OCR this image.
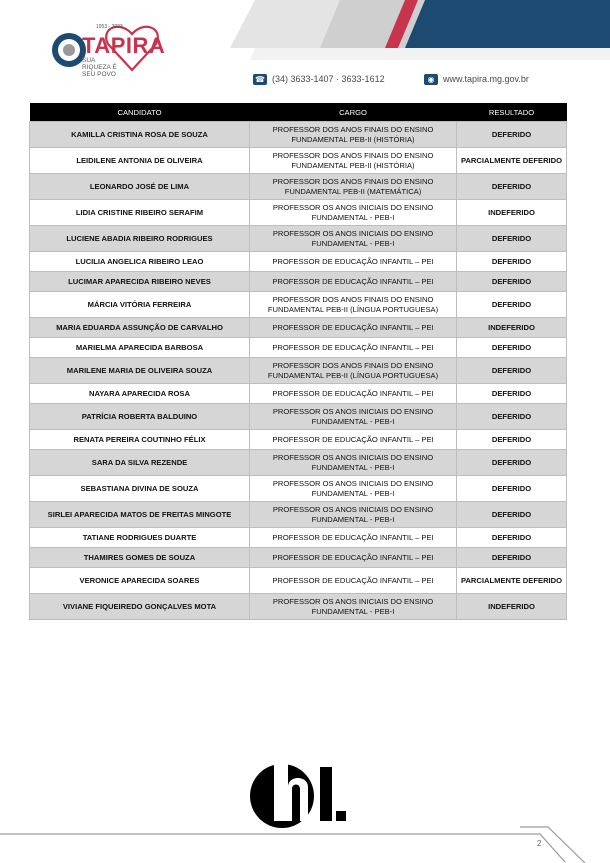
1953 - 2023
TAPIRA
SUA RIQUEZA É SEU POVO
☎ (34) 3633-1407 · 3633-1612	◉ www.tapira.mg.gov.br
CANDIDATO	CARGO	RESULTADO
KAMILLA CRISTINA ROSA DE SOUZA	PROFESSOR DOS ANOS FINAIS DO ENSINO FUNDAMENTAL PEB-II (HISTÓRIA)	DEFERIDO
LEIDILENE ANTONIA DE OLIVEIRA	PROFESSOR DOS ANOS FINAIS DO ENSINO FUNDAMENTAL PEB-II (HISTÓRIA)	PARCIALMENTE DEFERIDO
LEONARDO JOSÉ DE LIMA	PROFESSOR DOS ANOS FINAIS DO ENSINO FUNDAMENTAL PEB-II (MATEMÁTICA)	DEFERIDO
LIDIA CRISTINE RIBEIRO SERAFIM	PROFESSOR OS ANOS INICIAIS DO ENSINO FUNDAMENTAL - PEB-I	INDEFERIDO
LUCIENE ABADIA RIBEIRO RODRIGUES	PROFESSOR OS ANOS INICIAIS DO ENSINO FUNDAMENTAL - PEB-I	DEFERIDO
LUCILIA ANGELICA RIBEIRO LEAO	PROFESSOR DE EDUCAÇÃO INFANTIL – PEI	DEFERIDO
LUCIMAR APARECIDA RIBEIRO NEVES	PROFESSOR DE EDUCAÇÃO INFANTIL – PEI	DEFERIDO
MÁRCIA VITÓRIA FERREIRA	PROFESSOR DOS ANOS FINAIS DO ENSINO FUNDAMENTAL PEB-II (LÍNGUA PORTUGUESA)	DEFERIDO
MARIA EDUARDA ASSUNÇÃO DE CARVALHO	PROFESSOR DE EDUCAÇÃO INFANTIL – PEI	INDEFERIDO
MARIELMA APARECIDA BARBOSA	PROFESSOR DE EDUCAÇÃO INFANTIL – PEI	DEFERIDO
MARILENE MARIA DE OLIVEIRA SOUZA	PROFESSOR DOS ANOS FINAIS DO ENSINO FUNDAMENTAL PEB-II (LÍNGUA PORTUGUESA)	DEFERIDO
NAYARA APARECIDA ROSA	PROFESSOR DE EDUCAÇÃO INFANTIL – PEI	DEFERIDO
PATRÍCIA ROBERTA BALDUINO	PROFESSOR OS ANOS INICIAIS DO ENSINO FUNDAMENTAL - PEB-I	DEFERIDO
RENATA PEREIRA COUTINHO FÉLIX	PROFESSOR DE EDUCAÇÃO INFANTIL – PEI	DEFERIDO
SARA DA SILVA REZENDE	PROFESSOR OS ANOS INICIAIS DO ENSINO FUNDAMENTAL - PEB-I	DEFERIDO
SEBASTIANA DIVINA DE SOUZA	PROFESSOR OS ANOS INICIAIS DO ENSINO FUNDAMENTAL - PEB-I	DEFERIDO
SIRLEI APARECIDA MATOS DE FREITAS MINGOTE	PROFESSOR OS ANOS INICIAIS DO ENSINO FUNDAMENTAL - PEB-I	DEFERIDO
TATIANE RODRIGUES DUARTE	PROFESSOR DE EDUCAÇÃO INFANTIL – PEI	DEFERIDO
THAMIRES GOMES DE SOUZA	PROFESSOR DE EDUCAÇÃO INFANTIL – PEI	DEFERIDO
VERONICE APARECIDA SOARES	PROFESSOR DE EDUCAÇÃO INFANTIL – PEI	PARCIALMENTE DEFERIDO
VIVIANE FIQUEIREDO GONÇALVES MOTA	PROFESSOR OS ANOS INICIAIS DO ENSINO FUNDAMENTAL - PEB-I	INDEFERIDO
2
